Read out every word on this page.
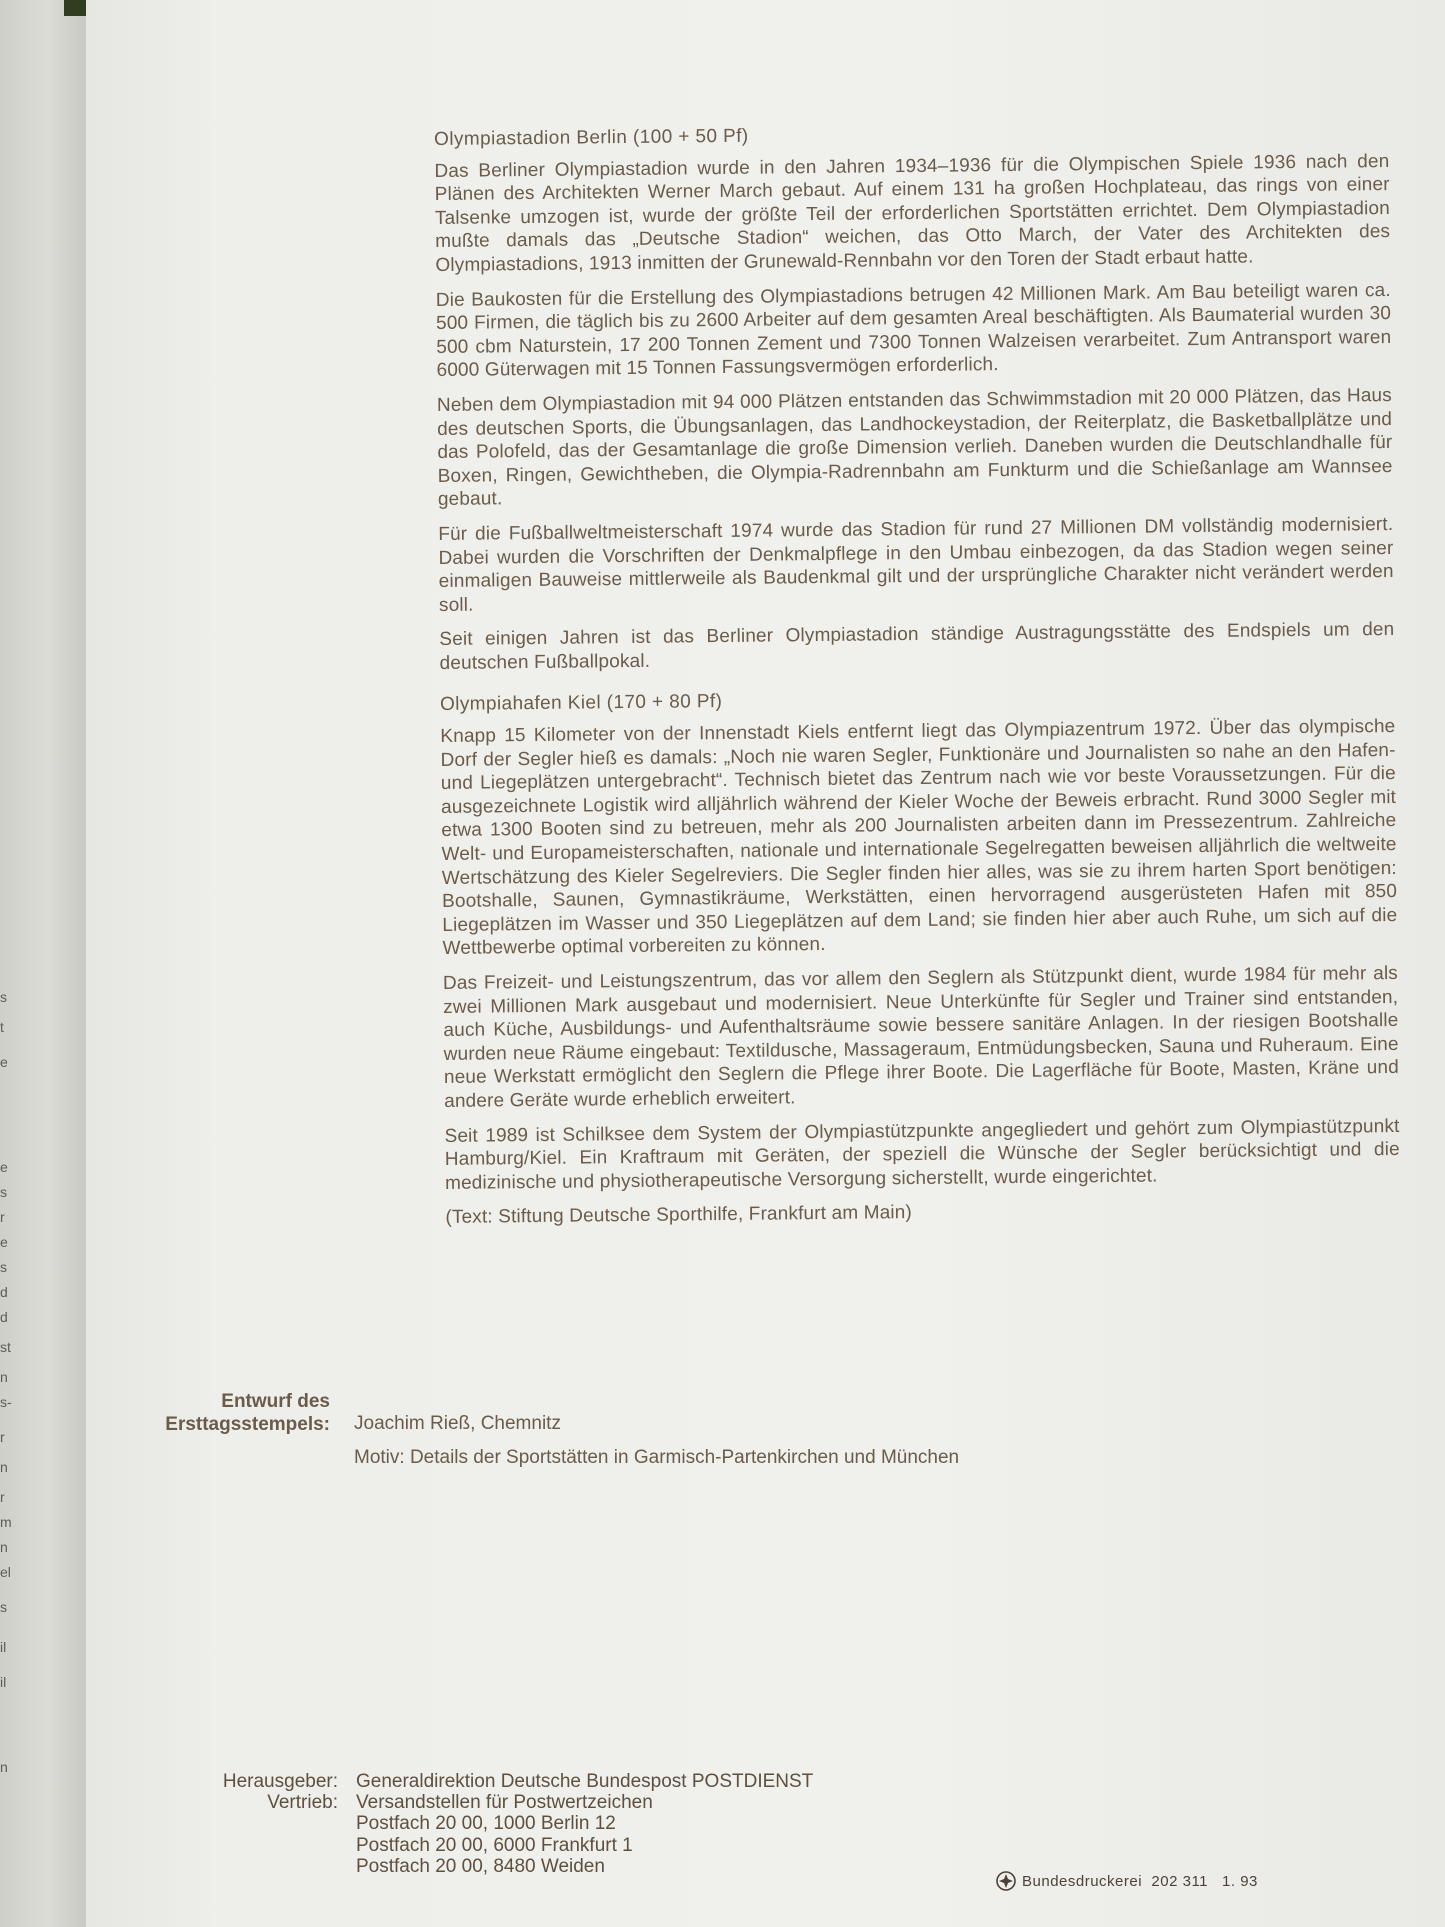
s
t
e
e
s
r
e
s
d
d
st
n
s-
r
n
r
m
n
el
s
il
il
n
Olympiastadion Berlin (100 + 50 Pf)

Das Berliner Olympiastadion wurde in den Jahren 1934–1936 für die Olympischen Spiele 1936 nach den Plänen des Architekten Werner March gebaut. Auf einem 131 ha großen Hochplateau, das rings von einer Talsenke umzogen ist, wurde der größte Teil der erforderlichen Sportstätten errichtet. Dem Olympiastadion mußte damals das „Deutsche Stadion“ weichen, das Otto March, der Vater des Architekten des Olympiastadions, 1913 inmitten der Grunewald-Rennbahn vor den Toren der Stadt erbaut hatte.

Die Baukosten für die Erstellung des Olympiastadions betrugen 42 Millionen Mark. Am Bau beteiligt waren ca. 500 Firmen, die täglich bis zu 2600 Arbeiter auf dem gesamten Areal beschäftigten. Als Baumaterial wurden 30 500 cbm Naturstein, 17 200 Tonnen Zement und 7300 Tonnen Walzeisen verarbeitet. Zum Antransport waren 6000 Güterwagen mit 15 Tonnen Fassungsvermögen erforderlich.

Neben dem Olympiastadion mit 94 000 Plätzen entstanden das Schwimmstadion mit 20 000 Plätzen, das Haus des deutschen Sports, die Übungsanlagen, das Landhockeystadion, der Reiterplatz, die Basketballplätze und das Polofeld, das der Gesamtanlage die große Dimension verlieh. Daneben wurden die Deutschlandhalle für Boxen, Ringen, Gewichtheben, die Olympia-Radrennbahn am Funkturm und die Schießanlage am Wannsee gebaut.

Für die Fußballweltmeisterschaft 1974 wurde das Stadion für rund 27 Millionen DM vollständig modernisiert. Dabei wurden die Vorschriften der Denkmalpflege in den Umbau einbezogen, da das Stadion wegen seiner einmaligen Bauweise mittlerweile als Baudenkmal gilt und der ursprüngliche Charakter nicht verändert werden soll.

Seit einigen Jahren ist das Berliner Olympiastadion ständige Austragungsstätte des Endspiels um den deutschen Fußballpokal.

Olympiahafen Kiel (170 + 80 Pf)

Knapp 15 Kilometer von der Innenstadt Kiels entfernt liegt das Olympiazentrum 1972. Über das olympische Dorf der Segler hieß es damals: „Noch nie waren Segler, Funktionäre und Journalisten so nahe an den Hafen- und Liegeplätzen untergebracht“. Technisch bietet das Zentrum nach wie vor beste Voraussetzungen. Für die ausgezeichnete Logistik wird alljährlich während der Kieler Woche der Beweis erbracht. Rund 3000 Segler mit etwa 1300 Booten sind zu betreuen, mehr als 200 Journalisten arbeiten dann im Pressezentrum. Zahlreiche Welt- und Europameisterschaften, nationale und internationale Segelregatten beweisen alljährlich die weltweite Wertschätzung des Kieler Segelreviers. Die Segler finden hier alles, was sie zu ihrem harten Sport benötigen: Bootshalle, Saunen, Gymnastikräume, Werkstätten, einen hervorragend ausgerüsteten Hafen mit 850 Liegeplätzen im Wasser und 350 Liegeplätzen auf dem Land; sie finden hier aber auch Ruhe, um sich auf die Wettbewerbe optimal vorbereiten zu können.

Das Freizeit- und Leistungszentrum, das vor allem den Seglern als Stützpunkt dient, wurde 1984 für mehr als zwei Millionen Mark ausgebaut und modernisiert. Neue Unterkünfte für Segler und Trainer sind entstanden, auch Küche, Ausbildungs- und Aufenthaltsräume sowie bessere sanitäre Anlagen. In der riesigen Bootshalle wurden neue Räume eingebaut: Textildusche, Massageraum, Entmüdungsbecken, Sauna und Ruheraum. Eine neue Werkstatt ermöglicht den Seglern die Pflege ihrer Boote. Die Lagerfläche für Boote, Masten, Kräne und andere Geräte wurde erheblich erweitert.

Seit 1989 ist Schilksee dem System der Olympiastützpunkte angegliedert und gehört zum Olympiastützpunkt Hamburg/Kiel. Ein Kraftraum mit Geräten, der speziell die Wünsche der Segler berücksichtigt und die medizinische und physiotherapeutische Versorgung sicherstellt, wurde eingerichtet.

(Text: Stiftung Deutsche Sporthilfe, Frankfurt am Main)

Entwurf des
Ersttagsstempels: Joachim Rieß, Chemnitz
Motiv: Details der Sportstätten in Garmisch-Partenkirchen und München
Herausgeber:
Vertrieb:
Generaldirektion Deutsche Bundespost POSTDIENST
Versandstellen für Postwertzeichen
Postfach 20 00, 1000 Berlin 12
Postfach 20 00, 6000 Frankfurt 1
Postfach 20 00, 8480 Weiden
Bundesdruckerei  202 311   1. 93
